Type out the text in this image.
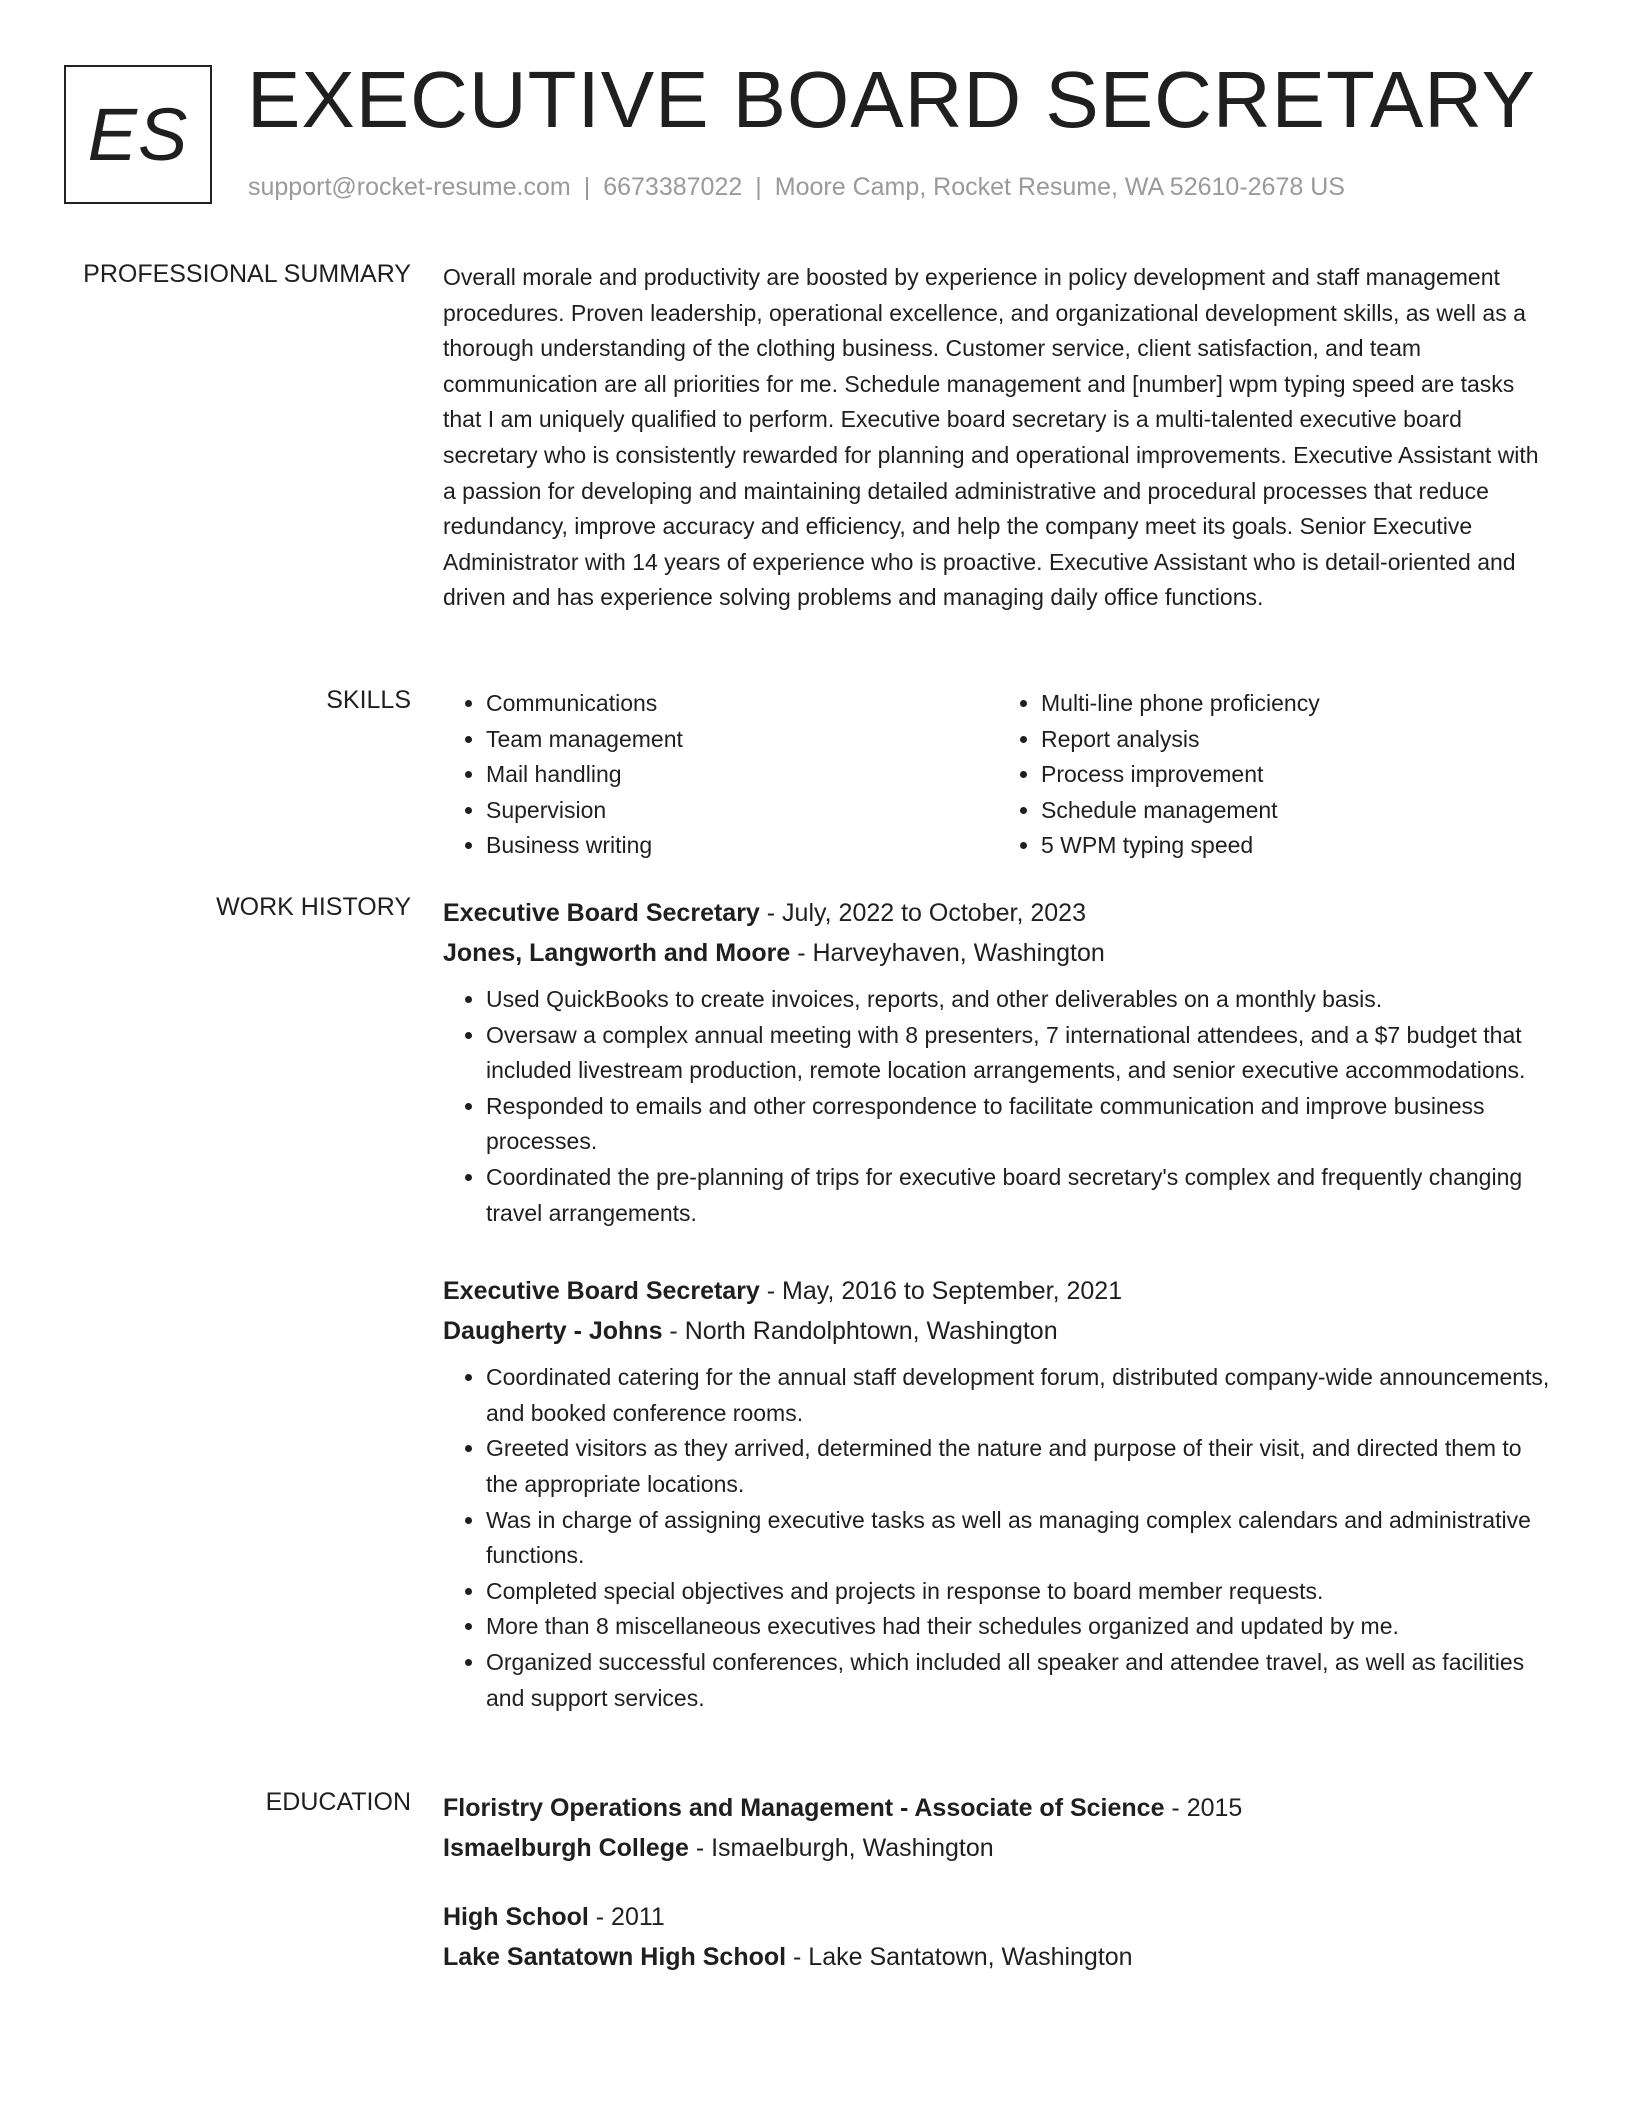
ES EXECUTIVE BOARD SECRETARY
support@rocket-resume.com | 6673387022 | Moore Camp, Rocket Resume, WA 52610-2678 US
PROFESSIONAL SUMMARY Overall morale and productivity are boosted by experience in policy development and staff management procedures. Proven leadership, operational excellence, and organizational development skills, as well as a thorough understanding of the clothing business. Customer service, client satisfaction, and team communication are all priorities for me. Schedule management and [number] wpm typing speed are tasks that I am uniquely qualified to perform. Executive board secretary is a multi-talented executive board secretary who is consistently rewarded for planning and operational improvements. Executive Assistant with a passion for developing and maintaining detailed administrative and procedural processes that reduce redundancy, improve accuracy and efficiency, and help the company meet its goals. Senior Executive Administrator with 14 years of experience who is proactive. Executive Assistant who is detail-oriented and driven and has experience solving problems and managing daily office functions.

SKILLS
•	Communications
• Team management
• Mail handling
• Supervision
• Business writing
• Multi-line phone proficiency
• Report analysis
• Process improvement
• Schedule management
• 5 WPM typing speed
WORK HISTORY Executive Board Secretary - July, 2022 to October, 2023
Jones, Langworth and Moore - Harveyhaven, Washington
• Used QuickBooks to create invoices, reports, and other deliverables on a monthly basis.
• Oversaw a complex annual meeting with 8 presenters, 7 international attendees, and a $7 budget that included livestream production, remote location arrangements, and senior executive accommodations.
• Responded to emails and other correspondence to facilitate communication and improve business processes.
• Coordinated the pre-planning of trips for executive board secretary's complex and frequently changing travel arrangements.
Executive Board Secretary - May, 2016 to September, 2021
Daugherty - Johns - North Randolphtown, Washington
• Coordinated catering for the annual staff development forum, distributed company-wide announcements, and booked conference rooms.
• Greeted visitors as they arrived, determined the nature and purpose of their visit, and directed them to the appropriate locations.
• Was in charge of assigning executive tasks as well as managing complex calendars and administrative functions.
• Completed special objectives and projects in response to board member requests.
• More than 8 miscellaneous executives had their schedules organized and updated by me.
• Organized successful conferences, which included all speaker and attendee travel, as well as facilities and support services.
EDUCATION Floristry Operations and Management - Associate of Science - 2015
Ismaelburgh College - Ismaelburgh, Washington
High School - 2011
Lake Santatown High School - Lake Santatown, Washington
